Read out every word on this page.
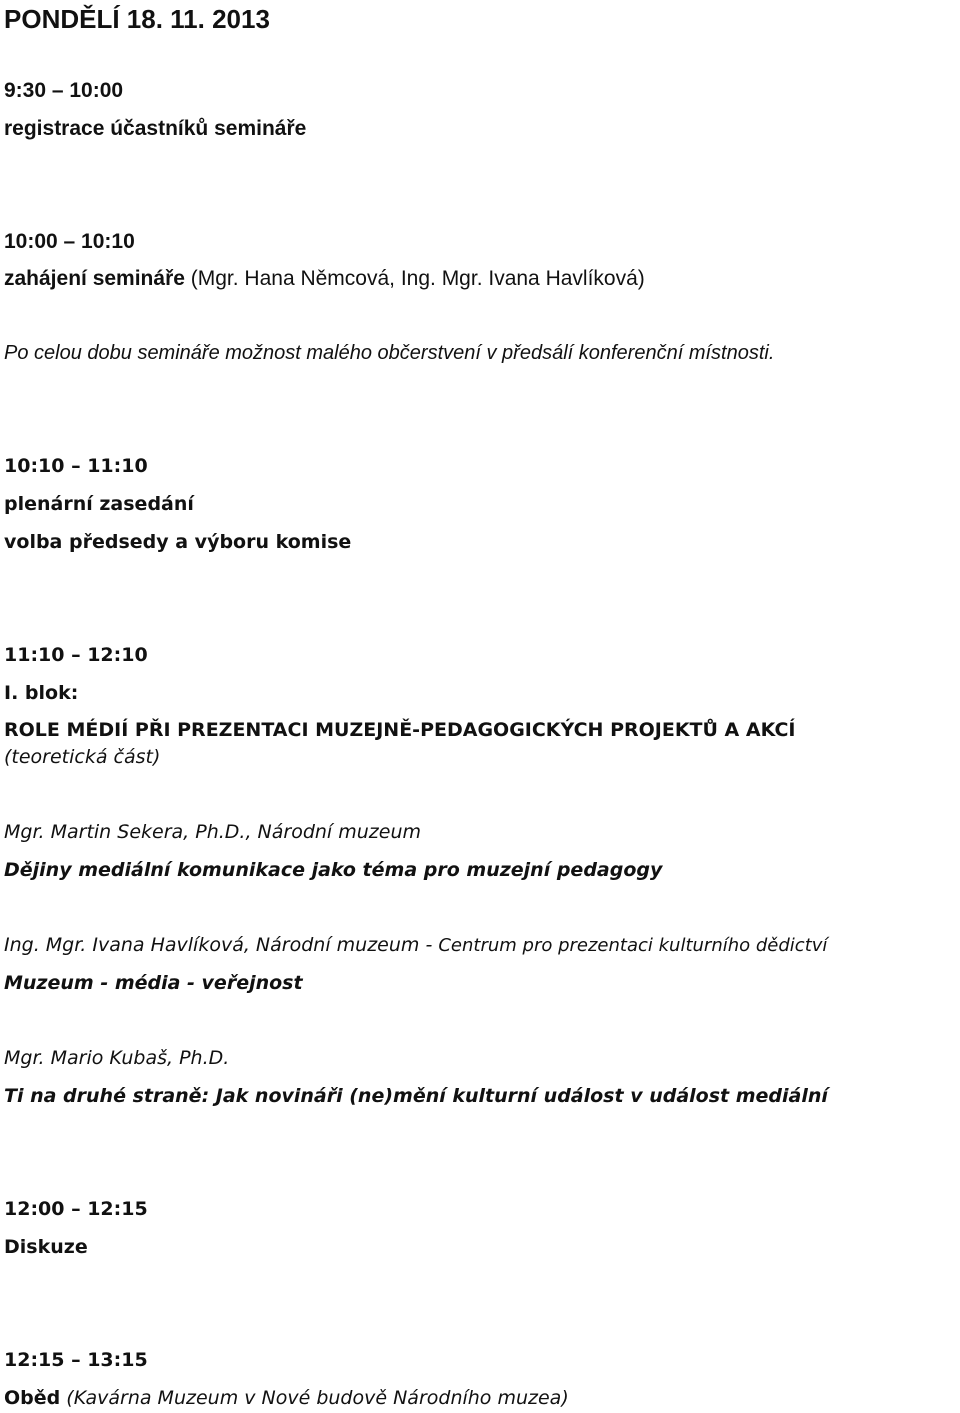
PONDĚLÍ 18. 11. 2013
9:30 – 10:00
registrace účastníků semináře
10:00 – 10:10
zahájení semináře (Mgr. Hana Němcová, Ing. Mgr. Ivana Havlíková)
Po celou dobu semináře možnost malého občerstvení v předsálí konferenční místnosti.
10:10 – 11:10
plenární zasedání
volba předsedy a výboru komise
11:10 – 12:10
I. blok:
ROLE MÉDIÍ PŘI PREZENTACI MUZEJNĚ-PEDAGOGICKÝCH PROJEKTŮ A AKCÍ
(teoretická část)
Mgr. Martin Sekera, Ph.D., Národní muzeum
Dějiny mediální komunikace jako téma pro muzejní pedagogy
Ing. Mgr. Ivana Havlíková, Národní muzeum - Centrum pro prezentaci kulturního dědictví
Muzeum - média - veřejnost
Mgr. Mario Kubaš, Ph.D.
Ti na druhé straně: Jak novináři (ne)mění kulturní událost v událost mediální
12:00 – 12:15
Diskuze
12:15 – 13:15
Oběd (Kavárna Muzeum v Nové budově Národního muzea)
